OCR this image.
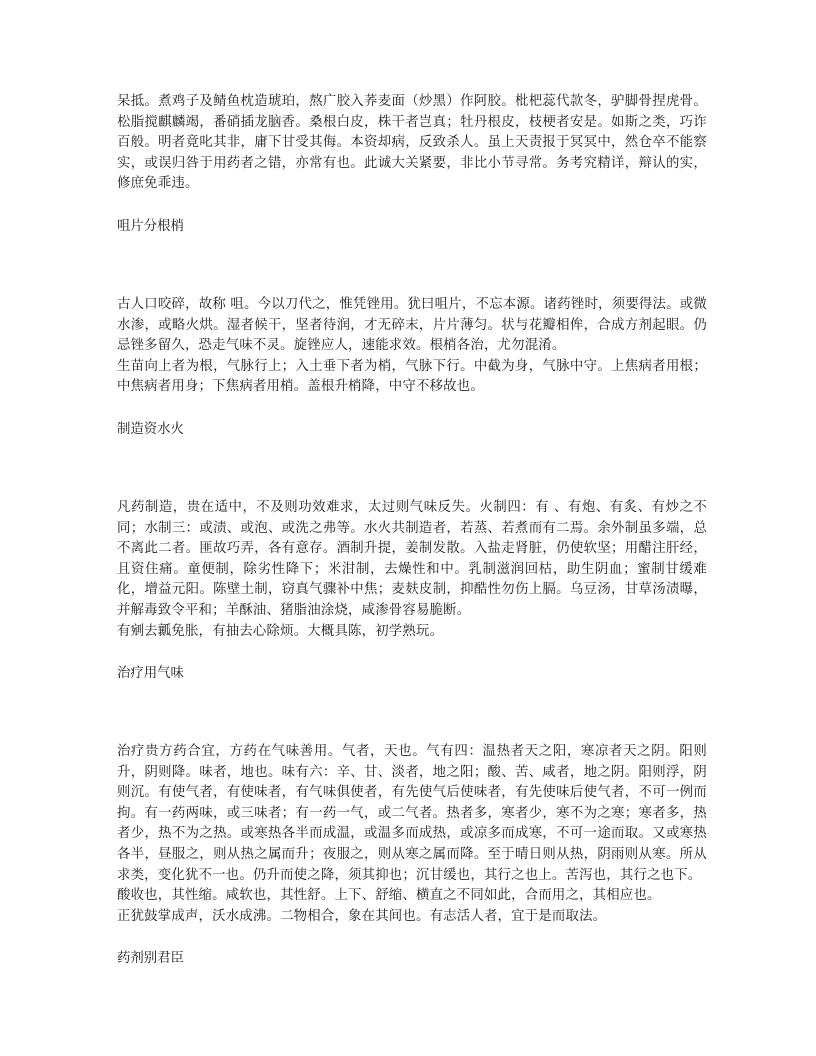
呆抵。煮鸡子及鲭鱼枕造琥珀，熬广胶入荞麦面（炒黑）作阿胶。枇杷蕊代款冬，驴脚骨捏虎骨。松脂搅麒麟竭，番硝插龙脑香。桑根白皮，株干者岂真；牡丹根皮，枝梗者安是。如斯之类，巧诈百般。明者竟叱其非，庸下甘受其侮。本资却病，反致杀人。虽上天责报于冥冥中，然仓卒不能察实，或误归咎于用药者之错，亦常有也。此诚大关紧要，非比小节寻常。务考究精详，辩认的实，修庶免乖违。

咀片分根梢

古人口咬碎，故称 咀。今以刀代之，惟凭锉用。犹曰咀片，不忘本源。诸药锉时，须要得法。或微水渗，或略火烘。湿者候干，坚者待润，才无碎末，片片薄匀。状与花瓣相侔，合成方剂起眼。仍忌锉多留久，恐走气味不灵。旋锉应人，速能求效。根梢各治，尤勿混淆。

生苗向上者为根，气脉行上；入土垂下者为梢，气脉下行。中截为身，气脉中守。上焦病者用根；中焦病者用身；下焦病者用梢。盖根升梢降，中守不移故也。

制造资水火

凡药制造，贵在适中，不及则功效难求，太过则气味反失。火制四：有 、有炮、有炙、有炒之不同；水制三：或渍、或泡、或洗之弗等。水火共制造者，若蒸、若煮而有二焉。余外制虽多端，总不离此二者。匪故巧弄，各有意存。酒制升提，姜制发散。入盐走肾脏，仍使软坚；用醋注肝经，且资住痛。童便制，除劣性降下；米泔制，去燥性和中。乳制滋润回枯，助生阴血；蜜制甘缓难化，增益元阳。陈壁土制，窃真气骤补中焦；麦麸皮制，抑酷性勿伤上膈。乌豆汤，甘草汤渍曝，并解毒致令平和；羊酥油、猪脂油涂烧，咸渗骨容易脆断。

有剜去瓤免胀，有抽去心除烦。大概具陈，初学熟玩。

治疗用气味

治疗贵方药合宜，方药在气味善用。气者，天也。气有四：温热者天之阳，寒凉者天之阴。阳则升，阴则降。味者，地也。味有六：辛、甘、淡者，地之阳；酸、苦、咸者，地之阴。阳则浮，阴则沉。有使气者，有使味者，有气味俱使者，有先使气后使味者，有先使味后使气者，不可一例而拘。有一药两味，或三味者；有一药一气，或二气者。热者多，寒者少，寒不为之寒；寒者多，热者少，热不为之热。或寒热各半而成温，或温多而成热，或凉多而成寒，不可一途而取。又或寒热各半，昼服之，则从热之属而升；夜服之，则从寒之属而降。至于晴日则从热，阴雨则从寒。所从求类，变化犹不一也。仍升而使之降，须其抑也；沉甘缓也，其行之也上。苦泻也，其行之也下。

酸收也，其性缩。咸软也，其性舒。上下、舒缩、横直之不同如此，合而用之，其相应也。

正犹鼓掌成声，沃水成沸。二物相合，象在其间也。有志活人者，宜于是而取法。

药剂别君臣
